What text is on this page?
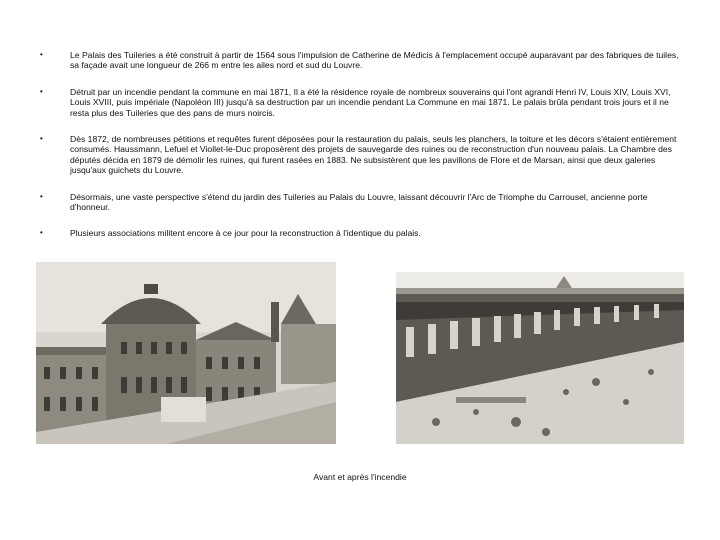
•	Le Palais des Tuileries a été construit à partir de 1564 sous l'impulsion de Catherine de Médicis à l'emplacement occupé auparavant par des fabriques de tuiles, sa façade avait une longueur de 266 m entre les ailes nord et sud du Louvre.
•	Détruit par un incendie pendant la commune en mai 1871, Il a été la résidence royale de nombreux souverains qui l'ont agrandi Henri IV, Louis XIV, Louis XVI, Louis XVIII, puis impériale (Napoléon III) jusqu'à sa destruction par un incendie pendant La Commune en mai 1871. Le palais brûla pendant trois jours et il ne resta plus des Tuileries que des pans de murs noircis.
•	Dès 1872, de nombreuses pétitions et requêtes furent déposées pour la restauration du palais, seuls les planchers, la toiture et les décors s'étaient entièrement consumés. Haussmann, Lefuel et Viollet-le-Duc proposèrent des projets de sauvegarde des ruines ou de reconstruction d'un nouveau palais. La Chambre des députés décida en 1879 de démolir les ruines, qui furent rasées en 1883. Ne subsistèrent que les pavillons de Flore et de Marsan, ainsi que deux galeries jusqu'aux guichets du Louvre.
•	Désormais, une vaste perspective s'étend du jardin des Tuileries au Palais du Louvre, laissant découvrir l'Arc de Triomphe du Carrousel, ancienne porte d'honneur.
•	Plusieurs associations militent encore à ce jour pour la reconstruction à l'identique du palais.
Avant et après l'incendie
